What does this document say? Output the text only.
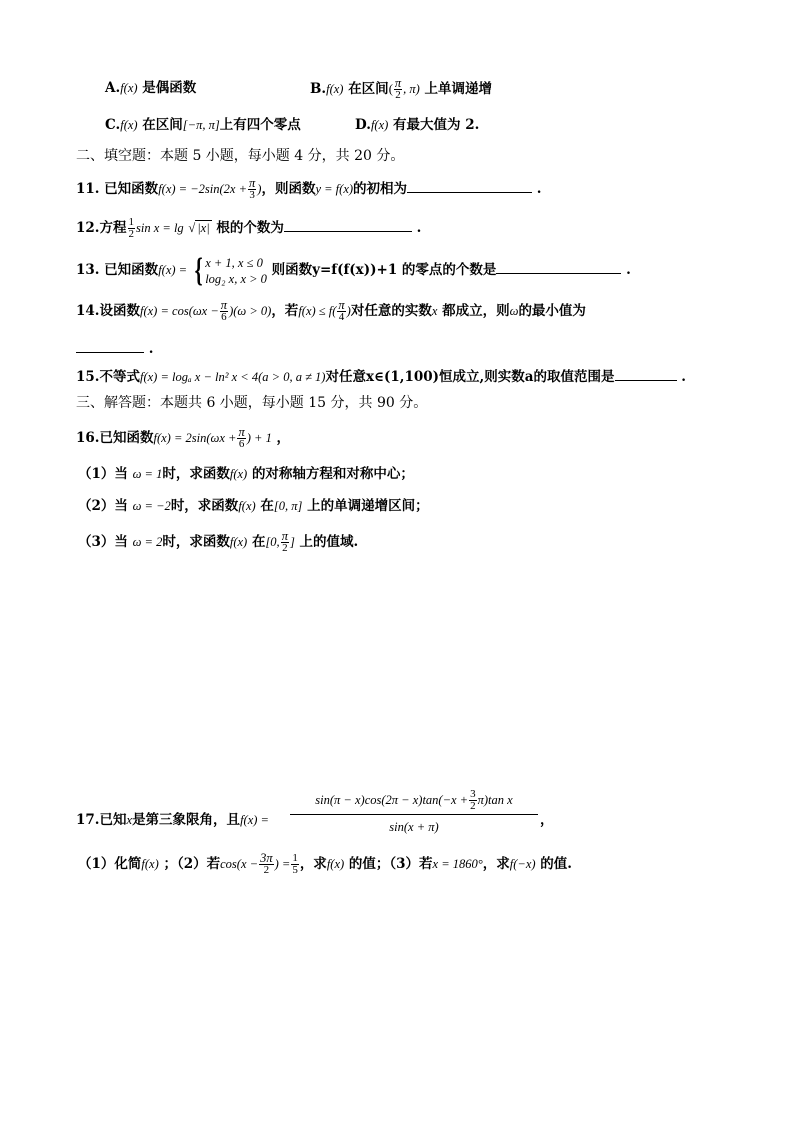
A.f(x) 是偶函数	B.f(x) 在区间( $\frac{\pi}{2}$ , π) 上单调递增
C.f(x) 在区间[−π, π]上有四个零点	D.f(x) 有最大值为 2.
二、填空题：本题 5 小题，每小题 4 分，共 20 分。
11. 已知函数$f(x) = -2\sin(2x + \frac{\pi}{3}$ )，则函数y = f(x)的初相为	.
12.方程 $\frac{1}{2}$ sin x = lg √ |x| 根的个数为	.
13. 已知函数f(x) = { x + 1, x ≤ 0
log₂ x, x > 0
则函数y=f(f(x))+1 的零点的个数是	.
14.设函数$f(x) = \cos(\omega x - \frac{\pi}{6} )(\omega > 0)$，若$f(x) \le f( \frac{\pi}{4}$ )对任意的实数x 都成立，则ω的最小值为
.
15.不等式f(x) = logₐ x − ln² x < 4(a > 0, a ≠ 1)对任意x∈(1,100)恒成立,则实数a的取值范围是	.
三、解答题：本题共 6 小题，每小题 15 分，共 90 分。
16.已知函数$f(x) = 2\sin(\omega x + \frac{\pi}{6}$ ) + 1 ，
（1）当 ω = 1时，求函数f(x) 的对称轴方程和对称中心；
（2）当 ω = −2时，求函数f(x) 在[0, π] 上的单调递增区间；
（3）当 ω = 2时，求函数f(x) 在[0, $\frac{\pi}{2}$ ] 上的值域.
17.已知x是第三象限角，且$f(x) = \frac{\sin(\pi - x)\cos(2\pi - x)\tan(-x + \frac{3}{2} \pi)\tan x}{\sin(x + \pi)}$ ，
（1）化简f(x) ；（2）若$\cos(x - \frac{3\pi}{2}$ ) = $\frac{1}{5}$ ，求f(x) 的值；（3）若x = 1860°，求f(−x) 的值.
